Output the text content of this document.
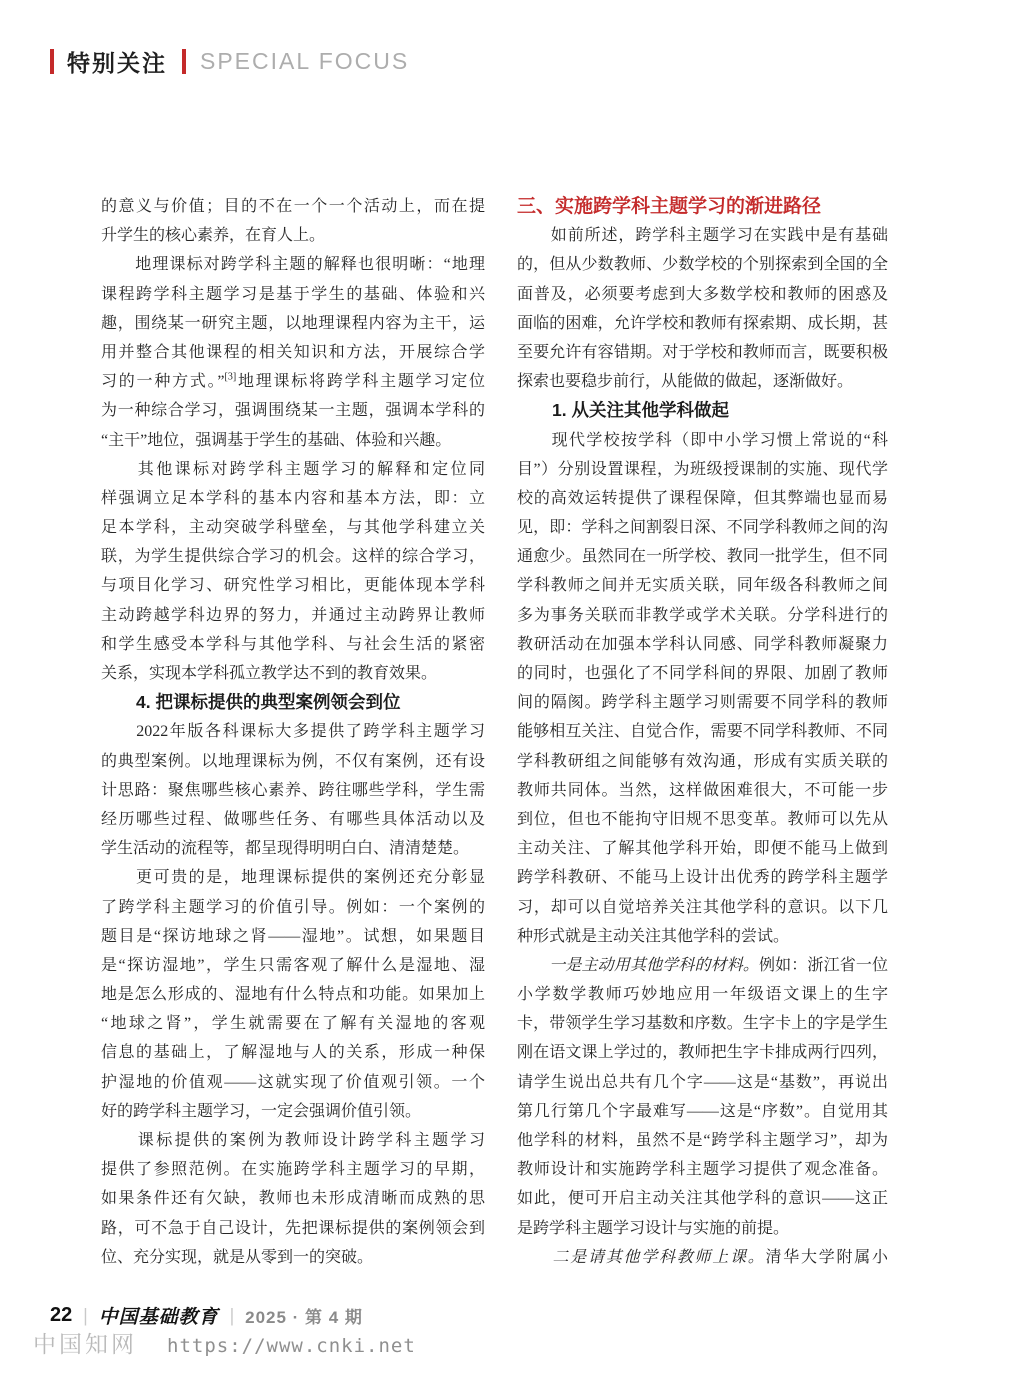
特别关注 SPECIAL FOCUS
的意义与价值；目的不在一个一个活动上，而在提
升学生的核心素养，在育人上。
　　地理课标对跨学科主题的解释也很明晰：“地理
课程跨学科主题学习是基于学生的基础、体验和兴
趣，围绕某一研究主题，以地理课程内容为主干，运
用并整合其他课程的相关知识和方法，开展综合学
习的一种方式。”[3]地理课标将跨学科主题学习定位
为一种综合学习，强调围绕某一主题，强调本学科的
“主干”地位，强调基于学生的基础、体验和兴趣。
　　其他课标对跨学科主题学习的解释和定位同
样强调立足本学科的基本内容和基本方法，即：立
足本学科，主动突破学科壁垒，与其他学科建立关
联，为学生提供综合学习的机会。这样的综合学习，
与项目化学习、研究性学习相比，更能体现本学科
主动跨越学科边界的努力，并通过主动跨界让教师
和学生感受本学科与其他学科、与社会生活的紧密
关系，实现本学科孤立教学达不到的教育效果。
　　4. 把课标提供的典型案例领会到位
　　2022年版各科课标大多提供了跨学科主题学习
的典型案例。以地理课标为例，不仅有案例，还有设
计思路：聚焦哪些核心素养、跨往哪些学科，学生需
经历哪些过程、做哪些任务、有哪些具体活动以及
学生活动的流程等，都呈现得明明白白、清清楚楚。
　　更可贵的是，地理课标提供的案例还充分彰显
了跨学科主题学习的价值引导。例如：一个案例的
题目是“探访地球之肾——湿地”。试想，如果题目
是“探访湿地”，学生只需客观了解什么是湿地、湿
地是怎么形成的、湿地有什么特点和功能。如果加上
“地球之肾”，学生就需要在了解有关湿地的客观
信息的基础上，了解湿地与人的关系，形成一种保
护湿地的价值观——这就实现了价值观引领。一个
好的跨学科主题学习，一定会强调价值引领。
　　课标提供的案例为教师设计跨学科主题学习
提供了参照范例。在实施跨学科主题学习的早期，
如果条件还有欠缺，教师也未形成清晰而成熟的思
路，可不急于自己设计，先把课标提供的案例领会到
位、充分实现，就是从零到一的突破。
三、实施跨学科主题学习的渐进路径
　　如前所述，跨学科主题学习在实践中是有基础
的，但从少数教师、少数学校的个别探索到全国的全
面普及，必须要考虑到大多数学校和教师的困惑及
面临的困难，允许学校和教师有探索期、成长期，甚
至要允许有容错期。对于学校和教师而言，既要积极
探索也要稳步前行，从能做的做起，逐渐做好。
　　1. 从关注其他学科做起
　　现代学校按学科（即中小学习惯上常说的“科
目”）分别设置课程，为班级授课制的实施、现代学
校的高效运转提供了课程保障，但其弊端也显而易
见，即：学科之间割裂日深、不同学科教师之间的沟
通愈少。虽然同在一所学校、教同一批学生，但不同
学科教师之间并无实质关联，同年级各科教师之间
多为事务关联而非教学或学术关联。分学科进行的
教研活动在加强本学科认同感、同学科教师凝聚力
的同时，也强化了不同学科间的界限、加剧了教师
间的隔阂。跨学科主题学习则需要不同学科的教师
能够相互关注、自觉合作，需要不同学科教师、不同
学科教研组之间能够有效沟通，形成有实质关联的
教师共同体。当然，这样做困难很大，不可能一步
到位，但也不能拘守旧规不思变革。教师可以先从
主动关注、了解其他学科开始，即便不能马上做到
跨学科教研、不能马上设计出优秀的跨学科主题学
习，却可以自觉培养关注其他学科的意识。以下几
种形式就是主动关注其他学科的尝试。
　　一是主动用其他学科的材料。例如：浙江省一位
小学数学教师巧妙地应用一年级语文课上的生字
卡，带领学生学习基数和序数。生字卡上的字是学生
刚在语文课上学过的，教师把生字卡排成两行四列，
请学生说出总共有几个字——这是“基数”，再说出
第几行第几个字最难写——这是“序数”。自觉用其
他学科的材料，虽然不是“跨学科主题学习”，却为
教师设计和实施跨学科主题学习提供了观念准备。
如此，便可开启主动关注其他学科的意识——这正
是跨学科主题学习设计与实施的前提。
　　二是请其他学科教师上课。清华大学附属小
22 | 中国基础教育 | 2025 · 第 4 期
中国知网 https://www.cnki.net
